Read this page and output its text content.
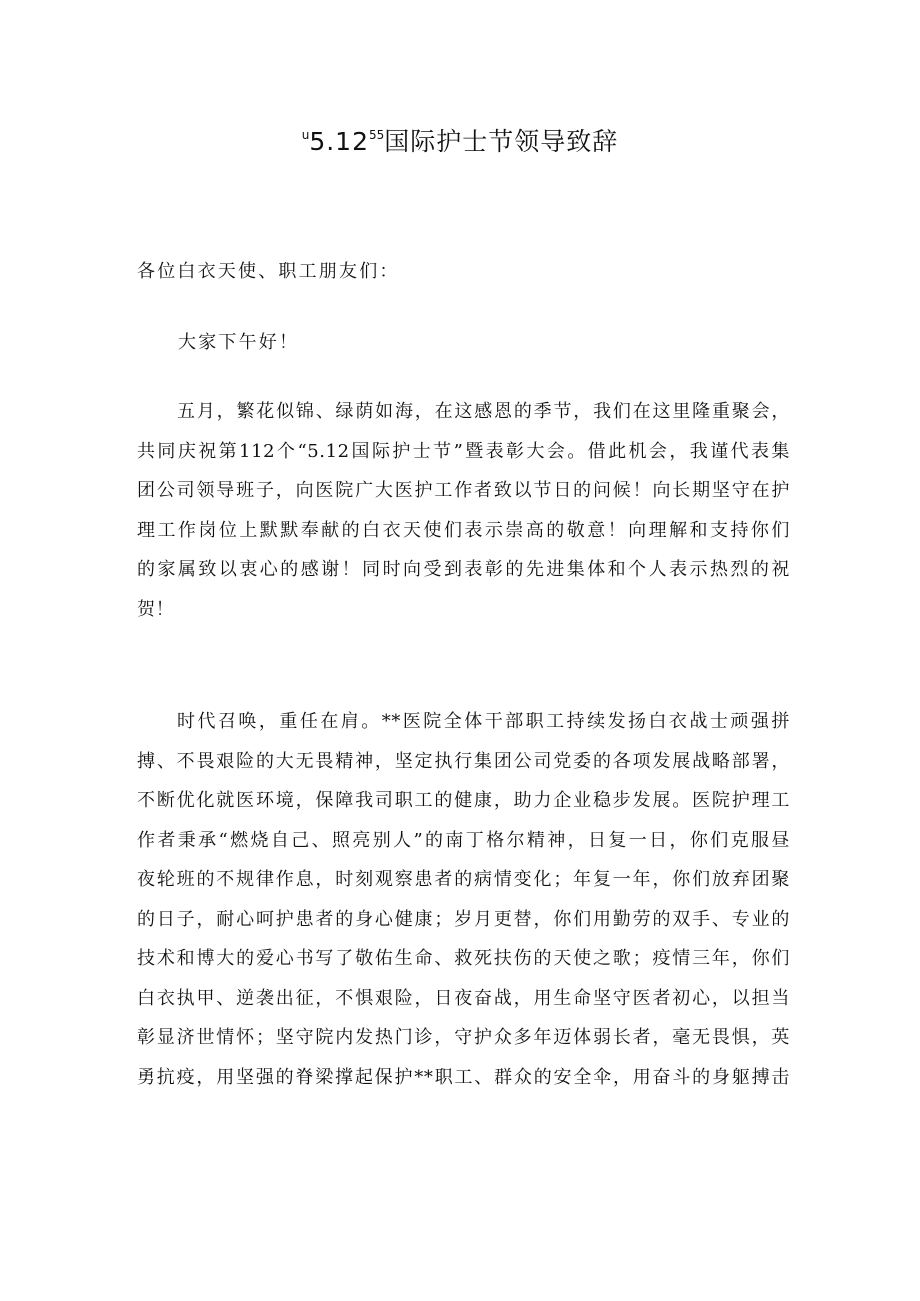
$^u$5.12$^{55}$国际护士节领导致辞
各位白衣天使、职工朋友们：
大家下午好！
五月，繁花似锦、绿荫如海，在这感恩的季节，我们在这里隆重聚会，
共同庆祝第112个“5.12国际护士节”暨表彰大会。借此机会，我谨代表集
团公司领导班子，向医院广大医护工作者致以节日的问候！向长期坚守在护
理工作岗位上默默奉献的白衣天使们表示崇高的敬意！向理解和支持你们
的家属致以衷心的感谢！同时向受到表彰的先进集体和个人表示热烈的祝
贺！
时代召唤，重任在肩。**医院全体干部职工持续发扬白衣战士顽强拼
搏、不畏艰险的大无畏精神，坚定执行集团公司党委的各项发展战略部署，
不断优化就医环境，保障我司职工的健康，助力企业稳步发展。医院护理工
作者秉承“燃烧自己、照亮别人”的南丁格尔精神，日复一日，你们克服昼
夜轮班的不规律作息，时刻观察患者的病情变化；年复一年，你们放弃团聚
的日子，耐心呵护患者的身心健康；岁月更替，你们用勤劳的双手、专业的
技术和博大的爱心书写了敬佑生命、救死扶伤的天使之歌；疫情三年，你们
白衣执甲、逆袭出征，不惧艰险，日夜奋战，用生命坚守医者初心，以担当
彰显济世情怀；坚守院内发热门诊，守护众多年迈体弱长者，毫无畏惧，英
勇抗疫，用坚强的脊梁撑起保护**职工、群众的安全伞，用奋斗的身躯搏击
